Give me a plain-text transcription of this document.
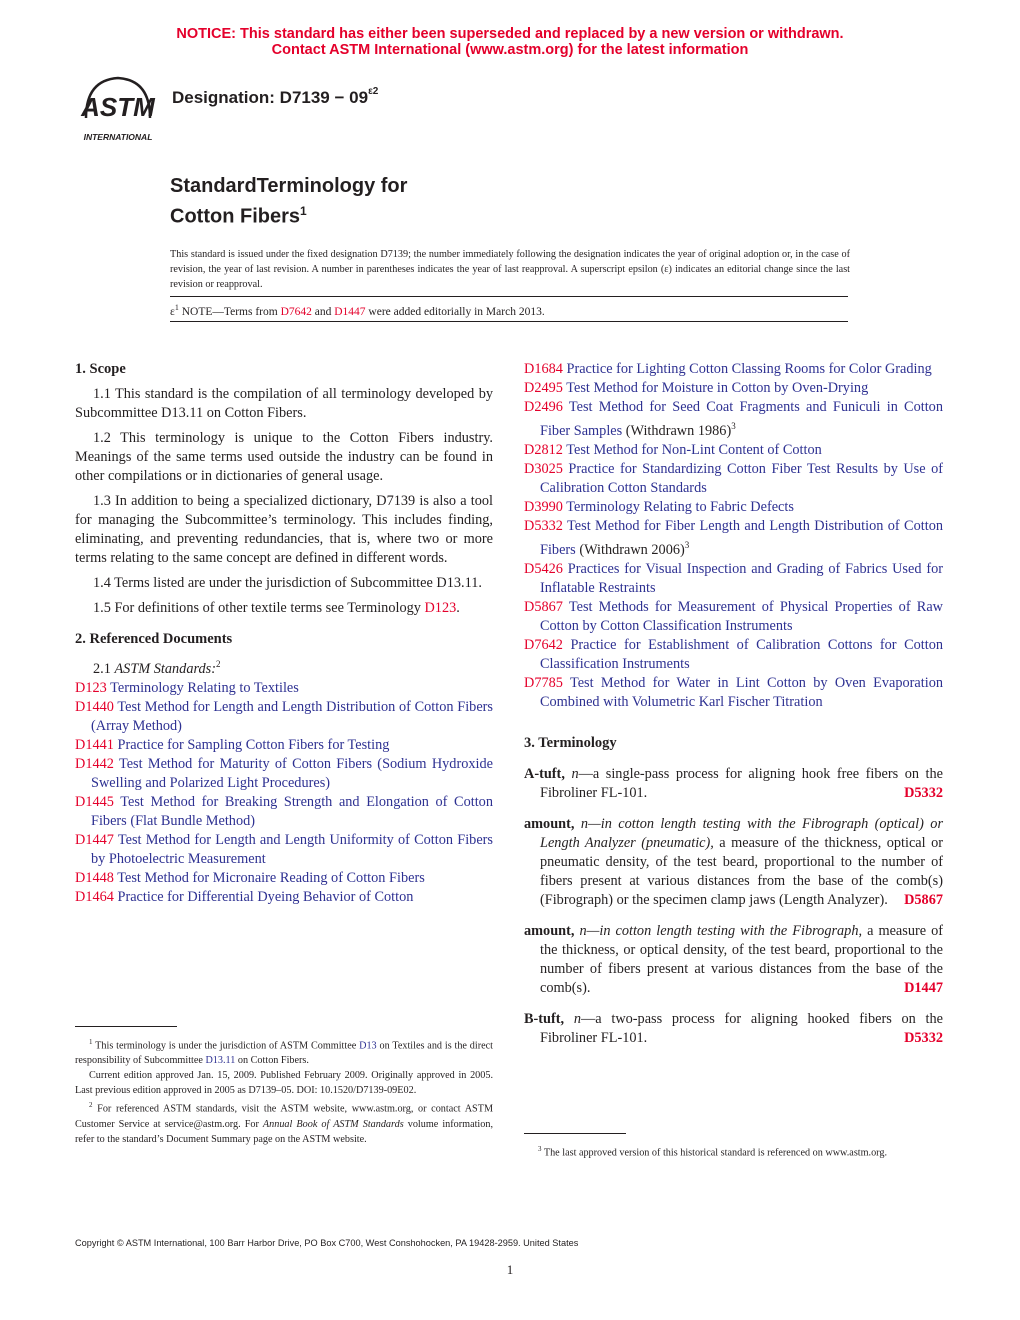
NOTICE: This standard has either been superseded and replaced by a new version or withdrawn.
Contact ASTM International (www.astm.org) for the latest information
ASTM
INTERNATIONAL
Designation: $D7139 - 09^{\varepsilon 2}$
StandardTerminology for
Cotton Fibers$^1$
This standard is issued under the fixed designation D7139; the number immediately following the designation indicates the year of original adoption or, in the case of revision, the year of last revision. A number in parentheses indicates the year of last reapproval. A superscript epsilon (ε) indicates an editorial change since the last revision or reapproval.
$\varepsilon^1$ NOTE—Terms from D7642 and D1447 were added editorially in March 2013.
1. Scope

1.1 This standard is the compilation of all terminology developed by Subcommittee D13.11 on Cotton Fibers.

1.2 This terminology is unique to the Cotton Fibers industry. Meanings of the same terms used outside the industry can be found in other compilations or in dictionaries of general usage.

1.3 In addition to being a specialized dictionary, D7139 is also a tool for managing the Subcommittee’s terminology. This includes finding, eliminating, and preventing redundancies, that is, where two or more terms relating to the same concept are defined in different words.

1.4 Terms listed are under the jurisdiction of Subcommittee D13.11.

1.5 For definitions of other textile terms see Terminology D123.

2. Referenced Documents

2.1 ASTM Standards:$^2$

D123 Terminology Relating to Textiles

D1440 Test Method for Length and Length Distribution of Cotton Fibers (Array Method)

D1441 Practice for Sampling Cotton Fibers for Testing

D1442 Test Method for Maturity of Cotton Fibers (Sodium Hydroxide Swelling and Polarized Light Procedures)

D1445 Test Method for Breaking Strength and Elongation of Cotton Fibers (Flat Bundle Method)

D1447 Test Method for Length and Length Uniformity of Cotton Fibers by Photoelectric Measurement

D1448 Test Method for Micronaire Reading of Cotton Fibers

D1464 Practice for Differential Dyeing Behavior of Cotton

$^1$ This terminology is under the jurisdiction of ASTM Committee D13 on Textiles and is the direct responsibility of Subcommittee D13.11 on Cotton Fibers.
Current edition approved Jan. 15, 2009. Published February 2009. Originally approved in 2005. Last previous edition approved in 2005 as D7139–05. DOI: 10.1520/D7139-09E02.
$^2$ For referenced ASTM standards, visit the ASTM website, www.astm.org, or contact ASTM Customer Service at service@astm.org. For Annual Book of ASTM Standards volume information, refer to the standard’s Document Summary page on the ASTM website.

D1684 Practice for Lighting Cotton Classing Rooms for Color Grading

D2495 Test Method for Moisture in Cotton by Oven-Drying

D2496 Test Method for Seed Coat Fragments and Funiculi in Cotton Fiber Samples (Withdrawn 1986)$^3$

D2812 Test Method for Non-Lint Content of Cotton

D3025 Practice for Standardizing Cotton Fiber Test Results by Use of Calibration Cotton Standards

D3990 Terminology Relating to Fabric Defects

D5332 Test Method for Fiber Length and Length Distribution of Cotton Fibers (Withdrawn 2006)$^3$

D5426 Practices for Visual Inspection and Grading of Fabrics Used for Inflatable Restraints

D5867 Test Methods for Measurement of Physical Properties of Raw Cotton by Cotton Classification Instruments

D7642 Practice for Establishment of Calibration Cottons for Cotton Classification Instruments

D7785 Test Method for Water in Lint Cotton by Oven Evaporation Combined with Volumetric Karl Fischer Titration

3. Terminology

A-tuft, n—a single-pass process for aligning hook free fibers on the Fibroliner FL-101.	D5332

amount, n—in cotton length testing with the Fibrograph (optical) or Length Analyzer (pneumatic), a measure of the thickness, optical or pneumatic density, of the test beard, proportional to the number of fibers present at various distances from the base of the comb(s) (Fibrograph) or the specimen clamp jaws (Length Analyzer). D5867

amount, n—in cotton length testing with the Fibrograph, a measure of the thickness, or optical density, of the test beard, proportional to the number of fibers present at various distances from the base of the comb(s).	D1447

B-tuft, n—a two-pass process for aligning hooked fibers on the Fibroliner FL-101.	D5332

$^3$ The last approved version of this historical standard is referenced on www.astm.org.
Copyright © ASTM International, 100 Barr Harbor Drive, PO Box C700, West Conshohocken, PA 19428-2959. United States
1
